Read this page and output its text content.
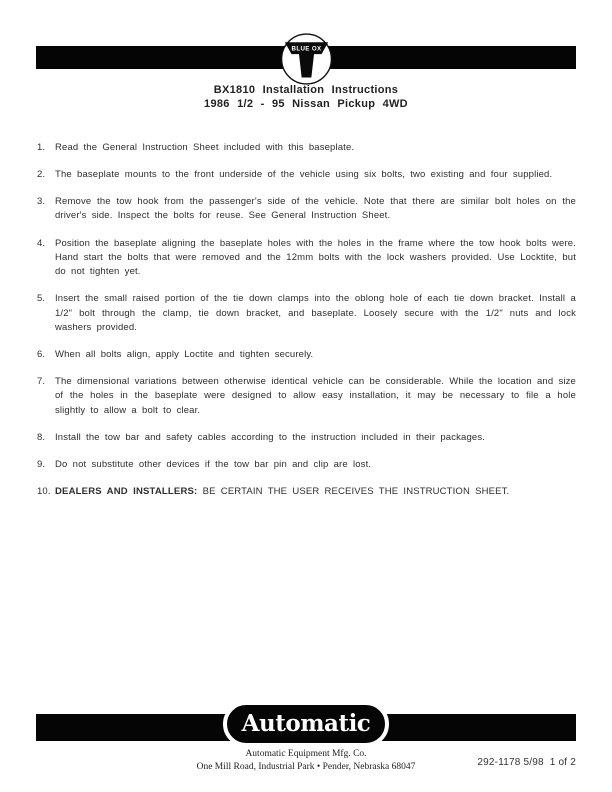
BLUE OX
BX1810 Installation Instructions
1986 1/2 - 95 Nissan Pickup 4WD
1.	Read the General Instruction Sheet included with this baseplate.
2.	The baseplate mounts to the front underside of the vehicle using six bolts, two existing and four supplied.
3.	Remove the tow hook from the passenger's side of the vehicle. Note that there are similar bolt holes on the driver's side. Inspect the bolts for reuse. See General Instruction Sheet.
4.	Position the baseplate aligning the baseplate holes with the holes in the frame where the tow hook bolts were. Hand start the bolts that were removed and the 12mm bolts with the lock washers provided. Use Locktite, but do not tighten yet.
5.	Insert the small raised portion of the tie down clamps into the oblong hole of each tie down bracket. Install a 1/2" bolt through the clamp, tie down bracket, and baseplate. Loosely secure with the 1/2" nuts and lock washers provided.
6.	When all bolts align, apply Loctite and tighten securely.
7.	The dimensional variations between otherwise identical vehicle can be considerable. While the location and size of the holes in the baseplate were designed to allow easy installation, it may be necessary to file a hole slightly to allow a bolt to clear.
8.	Install the tow bar and safety cables according to the instruction included in their packages.
9.	Do not substitute other devices if the tow bar pin and clip are lost.
10. DEALERS AND INSTALLERS: BE CERTAIN THE USER RECEIVES THE INSTRUCTION SHEET.
Automatic
Automatic Equipment Mfg. Co.
One Mill Road, Industrial Park • Pender, Nebraska 68047	292-1178 5/98 1 of 2
